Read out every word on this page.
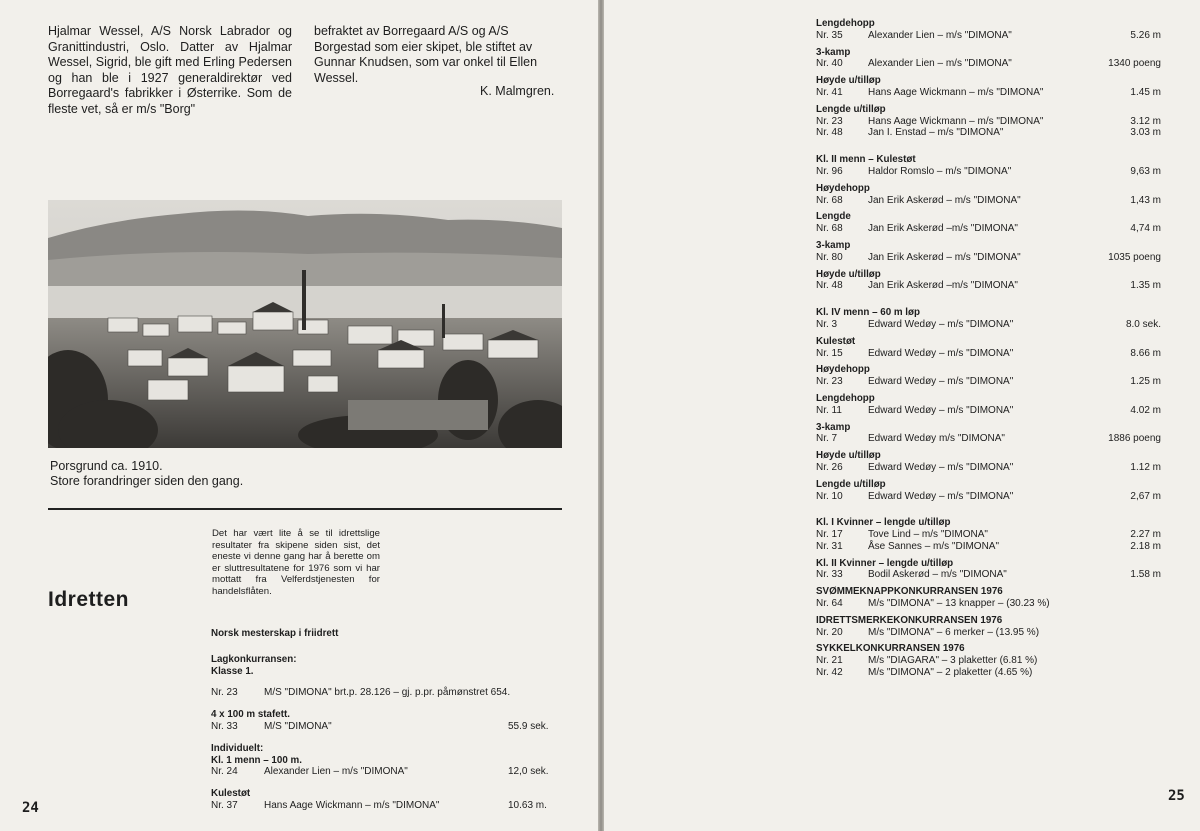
Hjalmar Wessel, A/S Norsk Labrador og Granittindustri, Oslo. Datter av Hjalmar Wessel, Sigrid, ble gift med Erling Pedersen og han ble i 1927 generaldirektør ved Borregaard's fabrikker i Østerrike. Som de fleste vet, så er m/s "Borg"

befraktet av Borregaard A/S og A/S Borgestad som eier skipet, ble stiftet av Gunnar Knudsen, som var onkel til Ellen Wessel.

K. Malmgren.
Porsgrund ca. 1910.
Store forandringer siden den gang.
Idretten
Det har vært lite å se til idrettslige resultater fra skipene siden sist, det eneste vi denne gang har å berette om er sluttresultatene for 1976 som vi har mottatt fra Velferdstjenesten for handelsflåten.
Norsk mesterskap i friidrett
Lagkonkurransen:
Klasse 1.
Nr. 23	M/S "DIMONA" brt.p. 28.126 – gj. p.pr. påmønstret 654.
4 x 100 m stafett.
Nr. 33	M/S "DIMONA"	55.9 sek.
Individuelt:
Kl. 1 menn – 100 m.
Nr. 24	Alexander Lien – m/s "DIMONA"	12,0 sek.
Kulestøt
Nr. 37	Hans Aage Wickmann – m/s "DIMONA"	10.63 m.
24
Lengdehopp
Nr. 35	Alexander Lien – m/s "DIMONA"	5.26 m
3-kamp
Nr. 40	Alexander Lien – m/s "DIMONA"	1340 poeng
Høyde u/tilløp
Nr. 41	Hans Aage Wickmann – m/s "DIMONA"	1.45 m
Lengde u/tilløp
Nr. 23	Hans Aage Wickmann – m/s "DIMONA"	3.12 m
Nr. 48	Jan I. Enstad – m/s "DIMONA"	3.03 m
Kl. II menn – Kulestøt
Nr. 96	Haldor Romslo – m/s "DIMONA"	9,63 m
Høydehopp
Nr. 68	Jan Erik Askerød – m/s "DIMONA"	1,43 m
Lengde
Nr. 68	Jan Erik Askerød –m/s "DIMONA"	4,74 m
3-kamp
Nr. 80	Jan Erik Askerød – m/s "DIMONA"	1035 poeng
Høyde u/tilløp
Nr. 48	Jan Erik Askerød –m/s "DIMONA"	1.35 m
Kl. IV menn – 60 m løp
Nr. 3	Edward Wedøy – m/s "DIMONA"	8.0 sek.
Kulestøt
Nr. 15	Edward Wedøy – m/s "DIMONA"	8.66 m
Høydehopp
Nr. 23	Edward Wedøy – m/s "DIMONA"	1.25 m
Lengdehopp
Nr. 11	Edward Wedøy – m/s "DIMONA"	4.02 m
3-kamp
Nr. 7	Edward Wedøy m/s "DIMONA"	1886 poeng
Høyde u/tilløp
Nr. 26	Edward Wedøy – m/s "DIMONA"	1.12 m
Lengde u/tilløp
Nr. 10	Edward Wedøy – m/s "DIMONA"	2,67 m
Kl. I Kvinner – lengde u/tilløp
Nr. 17	Tove Lind – m/s "DIMONA"	2.27 m
Nr. 31	Åse Sannes – m/s "DIMONA"	2.18 m
Kl. II Kvinner – lengde u/tilløp
Nr. 33	Bodil Askerød – m/s "DIMONA"	1.58 m
SVØMMEKNAPPKONKURRANSEN 1976
Nr. 64	M/s "DIMONA" – 13 knapper – (30.23 %)
IDRETTSMERKEKONKURRANSEN 1976
Nr. 20	M/s "DIMONA" – 6 merker – (13.95 %)
SYKKELKONKURRANSEN 1976
Nr. 21	M/s "DIAGARA" – 3 plaketter (6.81 %)
Nr. 42	M/s "DIMONA" – 2 plaketter (4.65 %)
25
